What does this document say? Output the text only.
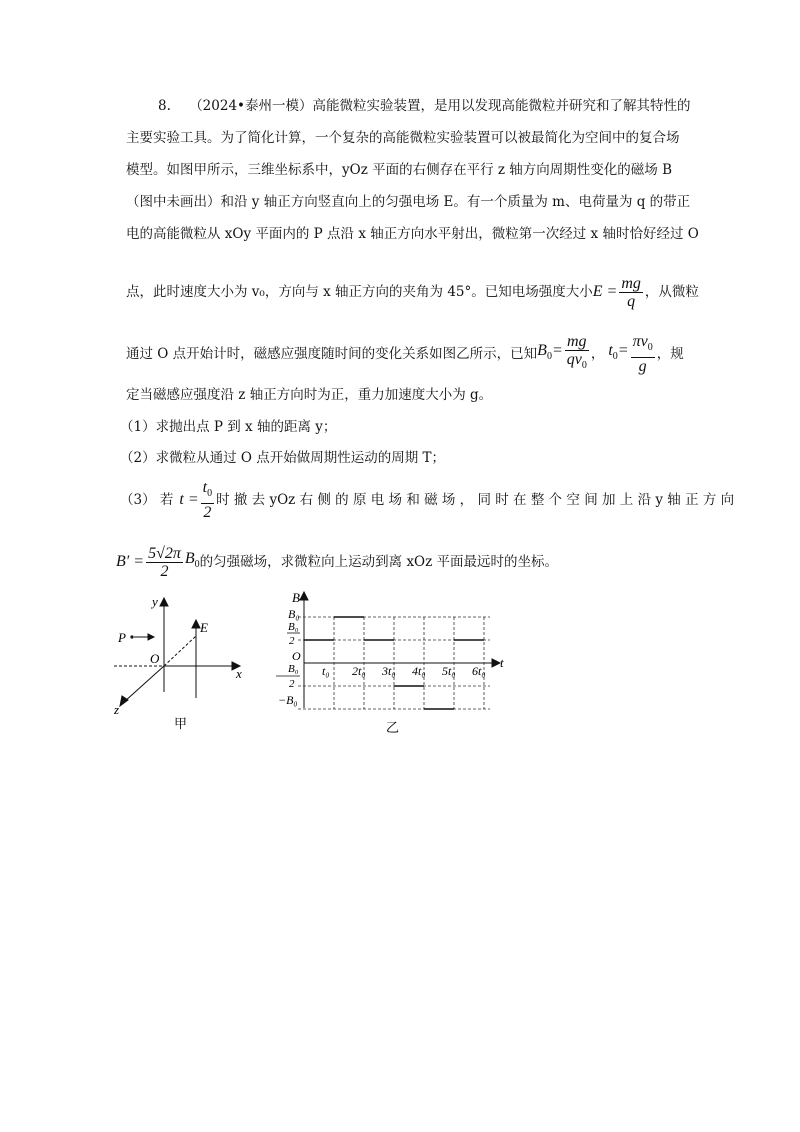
8. （2024•泰州一模）高能微粒实验装置，是用以发现高能微粒并研究和了解其特性的
主要实验工具。为了简化计算，一个复杂的高能微粒实验装置可以被最简化为空间中的复合场
模型。如图甲所示，三维坐标系中，yOz 平面的右侧存在平行 z 轴方向周期性变化的磁场 B
（图中未画出）和沿 y 轴正方向竖直向上的匀强电场 E。有一个质量为 m、电荷量为 q 的带正
电的高能微粒从 xOy 平面内的 P 点沿 x 轴正方向水平射出，微粒第一次经过 x 轴时恰好经过 O
点，此时速度大小为 v₀，方向与 x 轴正方向的夹角为 45°。已知电场强度大小 $E = \frac{mg}{q}$ ，从微粒
通过 O 点开始计时，磁感应强度随时间的变化关系如图乙所示，已知 $B_0= \frac{mg}{qv_0}$ ， $t_0= \frac{\pi v_0}{g}$ ，规
定当磁感应强度沿 z 轴正方向时为正，重力加速度大小为 g。
（1）求抛出点 P 到 x 轴的距离 y；
（2）求微粒从通过 O 点开始做周期性运动的周期 T；
（3） 若 $t = \frac{t_0}{2}$ 时 撤 去 yOz 右 侧 的 原 电 场 和 磁 场 ， 同 时 在 整 个 空 间 加 上 沿 y 轴 正 方 向
$B' = \frac{5√2\pi}{2} B_0$ 的匀强磁场，求微粒向上运动到离 xOz 平面最远时的坐标。
y
x
z
O
E
P
甲
t₀ 2t₀ 3t₀ 4t₀ 5t₀ 6t₀
B
t
O
B₀
B₀
2
B₀
2
−B₀
乙
